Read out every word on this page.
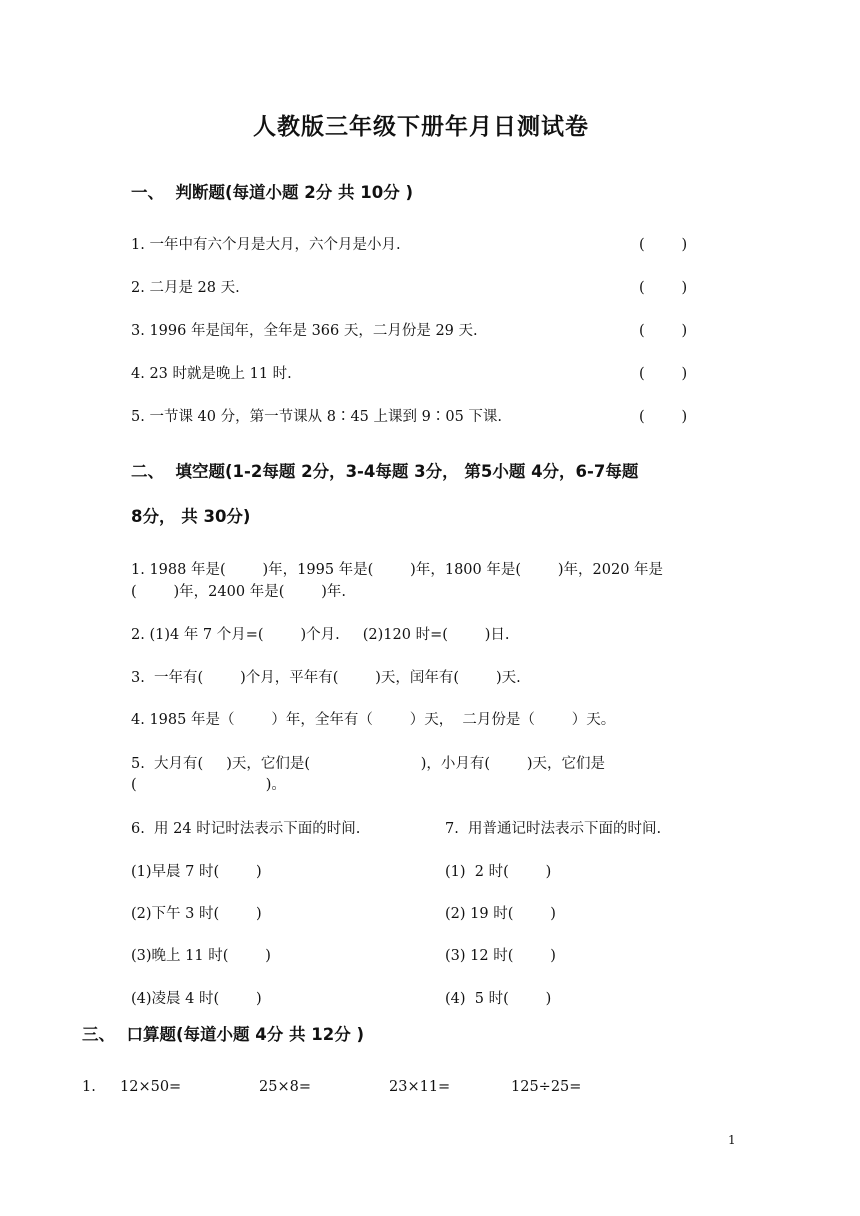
人教版三年级下册年月日测试卷
一、  判断题(每道小题 2分 共 10分 )
1. 一年中有六个月是大月，六个月是小月.	(        )
2. 二月是 28 天.	(        )
3. 1996 年是闰年，全年是 366 天，二月份是 29 天.	(        )
4. 23 时就是晚上 11 时.	(        )
5. 一节课 40 分，第一节课从 8∶45 上课到 9∶05 下课.	(        )
二、  填空题(1-2每题 2分，3-4每题 3分， 第5小题 4分，6-7每题
8分， 共 30分)
1. 1988 年是(        )年，1995 年是(        )年，1800 年是(        )年，2020 年是
(        )年，2400 年是(        )年.
2. (1)4 年 7 个月=(        )个月.     (2)120 时=(        )日.
3.  一年有(        )个月，平年有(        )天，闰年有(        )天.
4. 1985 年是（        ）年，全年有（        ）天，  二月份是（        ）天。
5.  大月有(     )天，它们是(                        )，小月有(        )天，它们是
(                            )。
6.  用 24 时记时法表示下面的时间.	7.  用普通记时法表示下面的时间.
(1)早晨 7 时(        )	(1)  2 时(        )
(2)下午 3 时(        )	(2) 19 时(        )
(3)晚上 11 时(        )	(3) 12 时(        )
(4)凌晨 4 时(        )	(4)  5 时(        )
三、  口算题(每道小题 4分 共 12分 )
1. 12×50=	25×8=	23×11=	125÷25=
1
